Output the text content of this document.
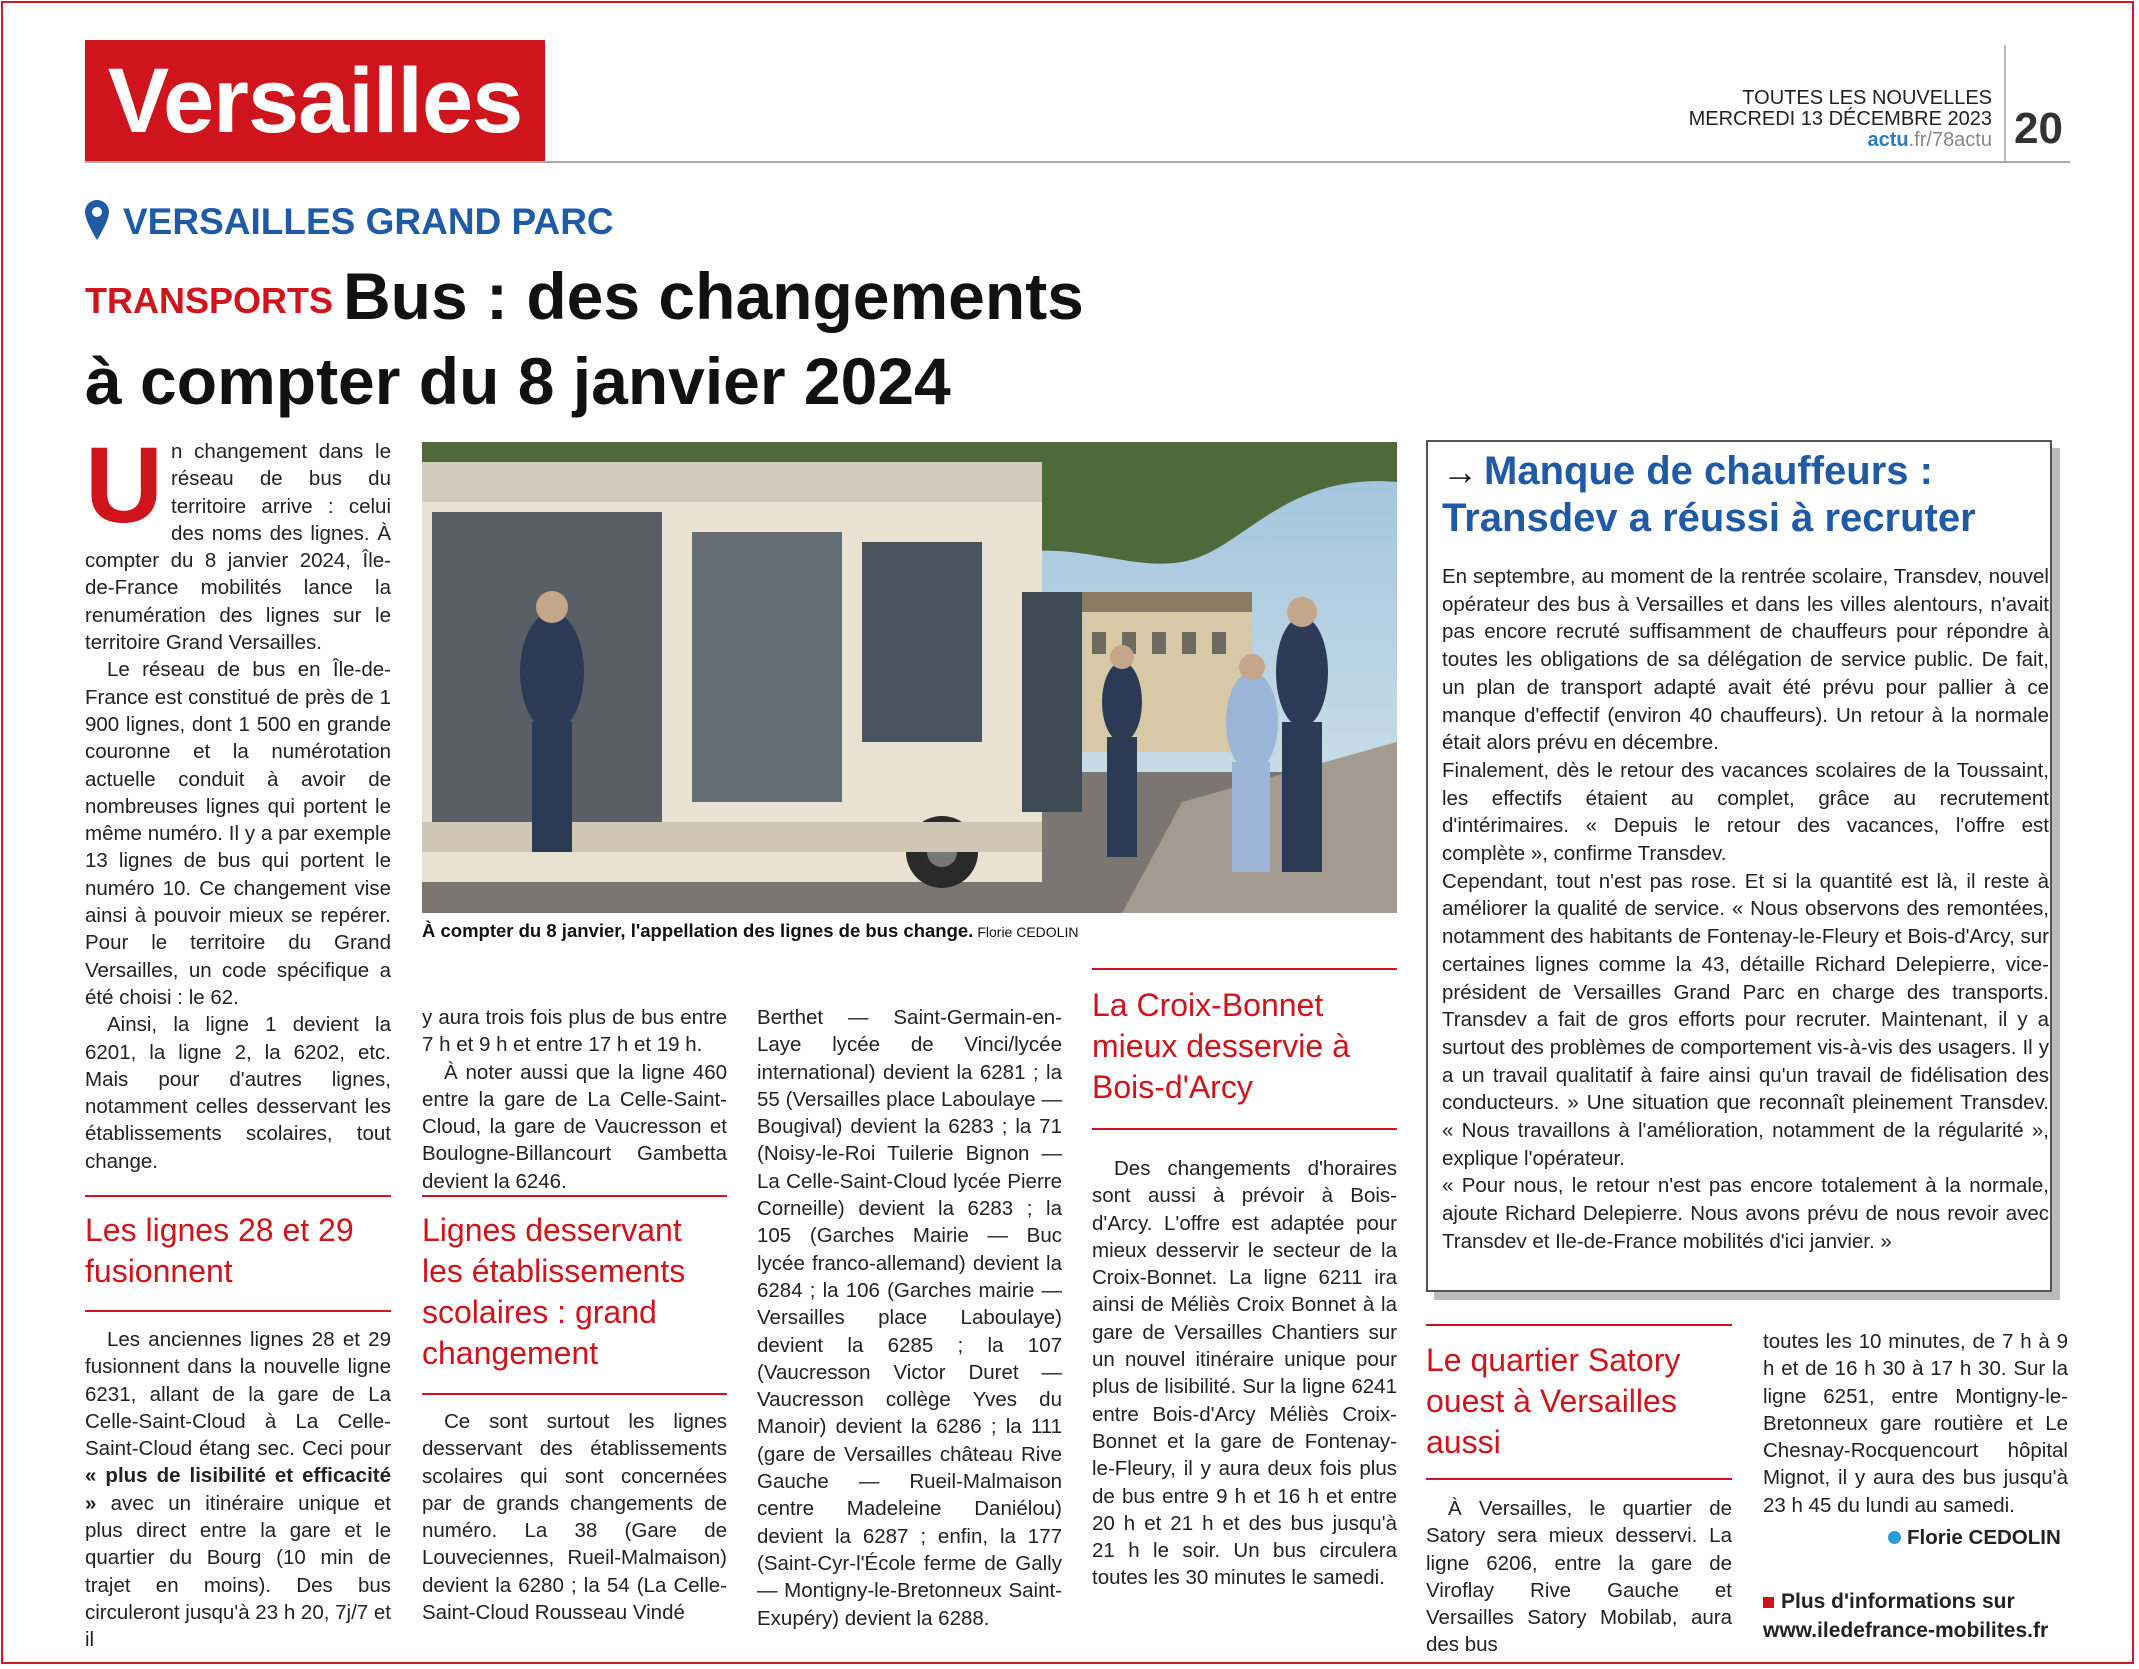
Versailles	TOUTES LES NOUVELLES
MERCREDI 13 DÉCEMBRE 2023
actu.fr/78actu 20
VERSAILLES GRAND PARC
TRANSPORTS Bus : des changements
à compter du 8 janvier 2024
U n changement dans le réseau de bus du territoire arrive : celui des noms des lignes. À compter du 8 janvier 2024, Île-de-France mobilités lance la renumération des lignes sur le territoire Grand Versailles.

Le réseau de bus en Île-de-France est constitué de près de 1 900 lignes, dont 1 500 en grande couronne et la numérotation actuelle conduit à avoir de nombreuses lignes qui portent le même numéro. Il y a par exemple 13 lignes de bus qui portent le numéro 10. Ce changement vise ainsi à pouvoir mieux se repérer. Pour le territoire du Grand Versailles, un code spécifique a été choisi : le 62.

Ainsi, la ligne 1 devient la 6201, la ligne 2, la 6202, etc. Mais pour d'autres lignes, notamment celles desservant les établissements scolaires, tout change.

Les lignes 28 et 29 fusionnent

Les anciennes lignes 28 et 29 fusionnent dans la nouvelle ligne 6231, allant de la gare de La Celle-Saint-Cloud à La Celle-Saint-Cloud étang sec. Ceci pour « plus de lisibilité et efficacité » avec un itinéraire unique et plus direct entre la gare et le quartier du Bourg (10 min de trajet en moins). Des bus circuleront jusqu'à 23 h 20, 7j/7 et il

À compter du 8 janvier, l'appellation des lignes de bus change. Florie CEDOLIN

y aura trois fois plus de bus entre 7 h et 9 h et entre 17 h et 19 h.

À noter aussi que la ligne 460 entre la gare de La Celle-Saint-Cloud, la gare de Vaucresson et Boulogne-Billancourt Gambetta devient la 6246.

Lignes desservant les établissements scolaires : grand changement

Ce sont surtout les lignes desservant des établissements scolaires qui sont concernées par de grands changements de numéro. La 38 (Gare de Louveciennes, Rueil-Malmaison) devient la 6280 ; la 54 (La Celle-Saint-Cloud Rousseau Vindé

Berthet — Saint-Germain-en-Laye lycée de Vinci/lycée international) devient la 6281 ; la 55 (Versailles place Laboulaye — Bougival) devient la 6283 ; la 71 (Noisy-le-Roi Tuilerie Bignon — La Celle-Saint-Cloud lycée Pierre Corneille) devient la 6283 ; la 105 (Garches Mairie — Buc lycée franco-allemand) devient la 6284 ; la 106 (Garches mairie — Versailles place Laboulaye) devient la 6285 ; la 107 (Vaucresson Victor Duret — Vaucresson collège Yves du Manoir) devient la 6286 ; la 111 (gare de Versailles château Rive Gauche — Rueil-Malmaison centre Madeleine Daniélou) devient la 6287 ; enfin, la 177 (Saint-Cyr-l'École ferme de Gally — Montigny-le-Bretonneux Saint-Exupéry) devient la 6288.

La Croix-Bonnet mieux desservie à Bois-d'Arcy

Des changements d'horaires sont aussi à prévoir à Bois-d'Arcy. L'offre est adaptée pour mieux desservir le secteur de la Croix-Bonnet. La ligne 6211 ira ainsi de Méliès Croix Bonnet à la gare de Versailles Chantiers sur un nouvel itinéraire unique pour plus de lisibilité. Sur la ligne 6241 entre Bois-d'Arcy Méliès Croix-Bonnet et la gare de Fontenay-le-Fleury, il y aura deux fois plus de bus entre 9 h et 16 h et entre 20 h et 21 h et des bus jusqu'à 21 h le soir. Un bus circulera toutes les 30 minutes le samedi.

→ Manque de chauffeurs :
Transdev a réussi à recruter

En septembre, au moment de la rentrée scolaire, Transdev, nouvel opérateur des bus à Versailles et dans les villes alentours, n'avait pas encore recruté suffisamment de chauffeurs pour répondre à toutes les obligations de sa délégation de service public. De fait, un plan de transport adapté avait été prévu pour pallier à ce manque d'effectif (environ 40 chauffeurs). Un retour à la normale était alors prévu en décembre.

Finalement, dès le retour des vacances scolaires de la Toussaint, les effectifs étaient au complet, grâce au recrutement d'intérimaires. « Depuis le retour des vacances, l'offre est complète », confirme Transdev.

Cependant, tout n'est pas rose. Et si la quantité est là, il reste à améliorer la qualité de service. « Nous observons des remontées, notamment des habitants de Fontenay-le-Fleury et Bois-d'Arcy, sur certaines lignes comme la 43, détaille Richard Delepierre, vice-président de Versailles Grand Parc en charge des transports. Transdev a fait de gros efforts pour recruter. Maintenant, il y a surtout des problèmes de comportement vis-à-vis des usagers. Il y a un travail qualitatif à faire ainsi qu'un travail de fidélisation des conducteurs. » Une situation que reconnaît pleinement Transdev. « Nous travaillons à l'amélioration, notamment de la régularité », explique l'opérateur.

« Pour nous, le retour n'est pas encore totalement à la normale, ajoute Richard Delepierre. Nous avons prévu de nous revoir avec Transdev et Ile-de-France mobilités d'ici janvier. »

Le quartier Satory ouest à Versailles aussi

À Versailles, le quartier de Satory sera mieux desservi. La ligne 6206, entre la gare de Viroflay Rive Gauche et Versailles Satory Mobilab, aura des bus

toutes les 10 minutes, de 7 h à 9 h et de 16 h 30 à 17 h 30. Sur la ligne 6251, entre Montigny-le-Bretonneux gare routière et Le Chesnay-Rocquencourt hôpital Mignot, il y aura des bus jusqu'à 23 h 45 du lundi au samedi.

Florie CEDOLIN
Plus d'informations sur
www.iledefrance-mobilites.fr
